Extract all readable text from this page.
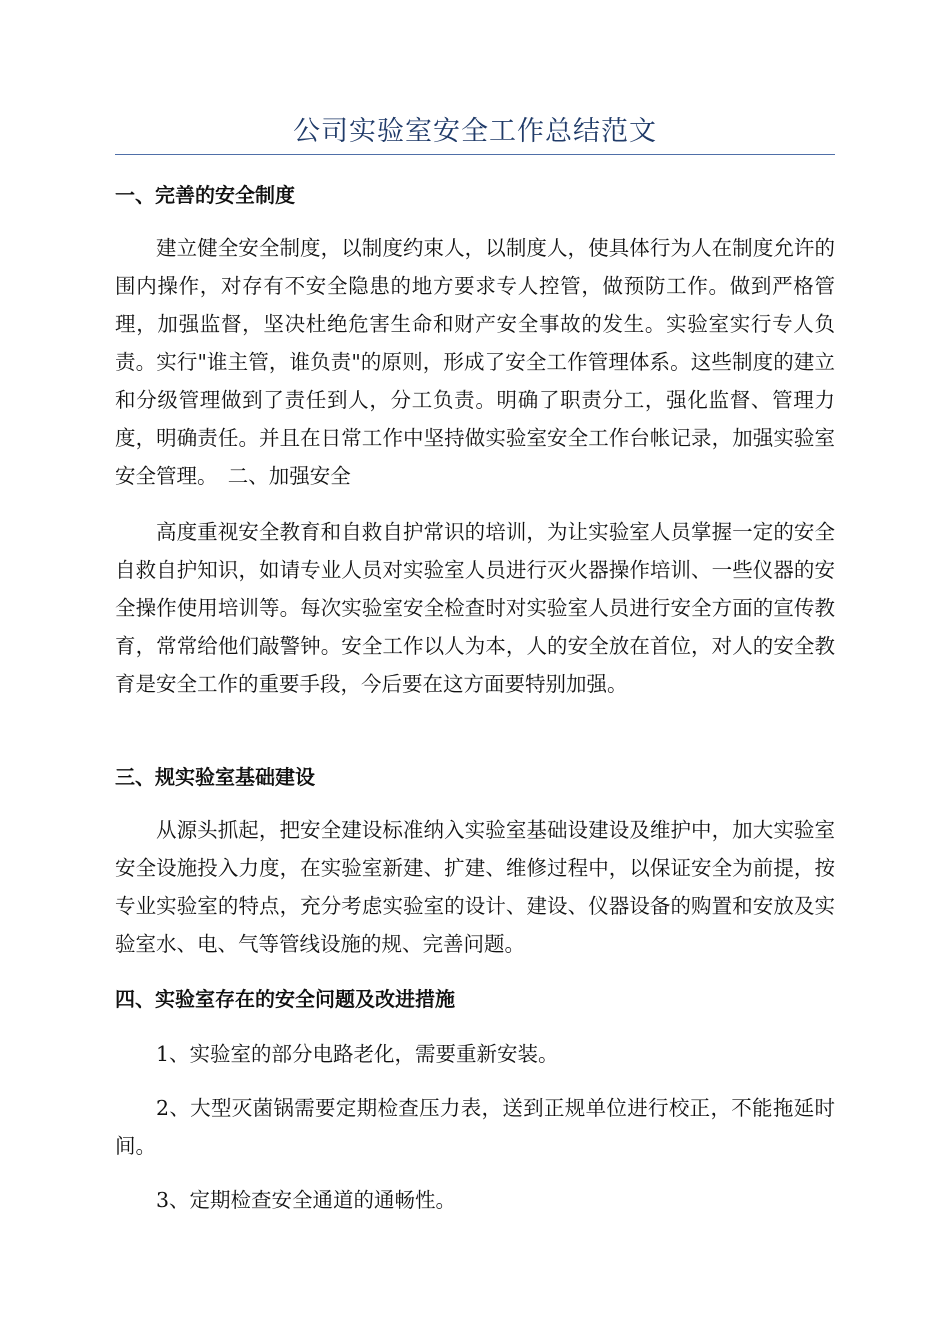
公司实验室安全工作总结范文
一、完善的安全制度
建立健全安全制度，以制度约束人，以制度人，使具体行为人在制度允许的围内操作，对存有不安全隐患的地方要求专人控管，做预防工作。做到严格管理，加强监督，坚决杜绝危害生命和财产安全事故的发生。实验室实行专人负责。实行"谁主管，谁负责"的原则，形成了安全工作管理体系。这些制度的建立和分级管理做到了责任到人，分工负责。明确了职责分工，强化监督、管理力度，明确责任。并且在日常工作中坚持做实验室安全工作台帐记录，加强实验室安全管理。　二、加强安全
高度重视安全教育和自救自护常识的培训，为让实验室人员掌握一定的安全自救自护知识，如请专业人员对实验室人员进行灭火器操作培训、一些仪器的安全操作使用培训等。每次实验室安全检查时对实验室人员进行安全方面的宣传教育，常常给他们敲警钟。安全工作以人为本，人的安全放在首位，对人的安全教育是安全工作的重要手段，今后要在这方面要特别加强。
三、规实验室基础建设
从源头抓起，把安全建设标准纳入实验室基础设建设及维护中，加大实验室安全设施投入力度，在实验室新建、扩建、维修过程中，以保证安全为前提，按专业实验室的特点，充分考虑实验室的设计、建设、仪器设备的购置和安放及实验室水、电、气等管线设施的规、完善问题。
四、实验室存在的安全问题及改进措施
1、实验室的部分电路老化，需要重新安装。
2、大型灭菌锅需要定期检查压力表，送到正规单位进行校正，不能拖延时间。
3、定期检查安全通道的通畅性。
